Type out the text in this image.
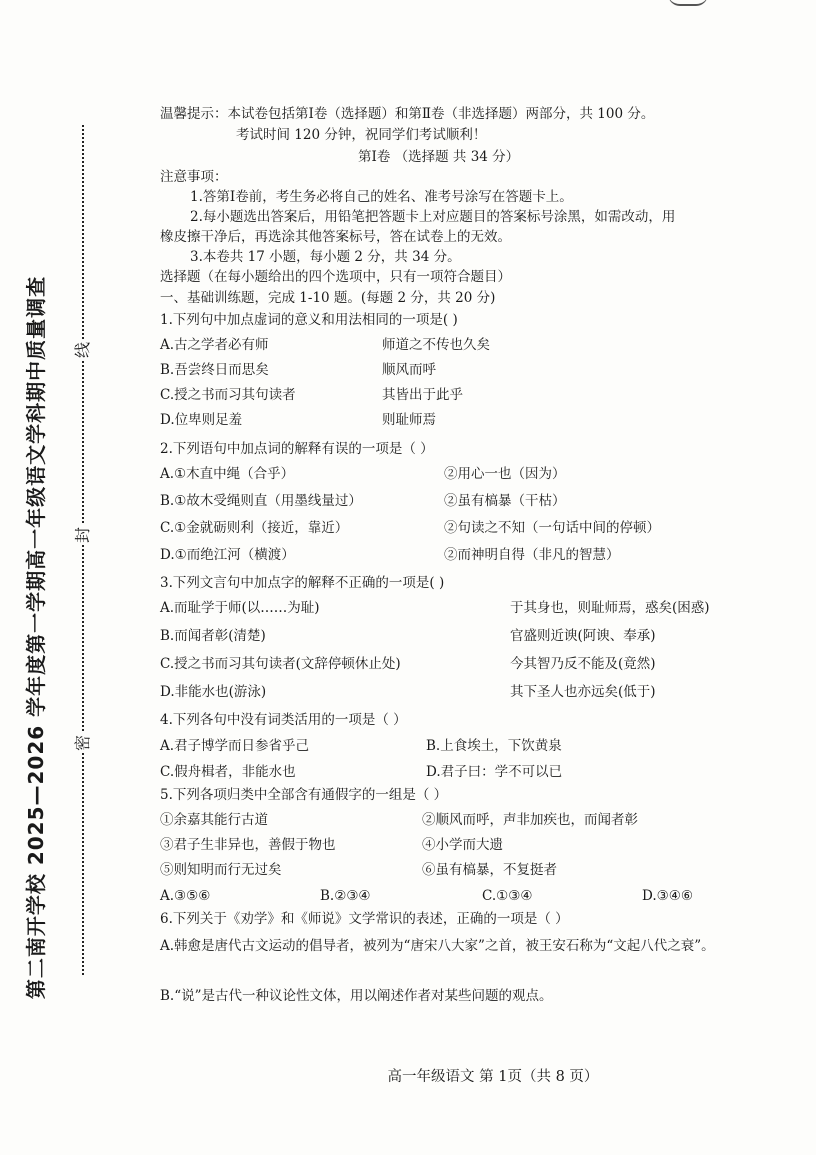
第二南开学校 2025—2026 学年度第一学期高一年级语文学科期中质量调查 线
封
密
温馨提示：本试卷包括第Ⅰ卷（选择题）和第Ⅱ卷（非选择题）两部分，共 100 分。
考试时间 120 分钟，祝同学们考试顺利！
第Ⅰ卷 （选择题 共 34 分）
注意事项：
1.答第Ⅰ卷前，考生务必将自己的姓名、准考号涂写在答题卡上。
2.每小题选出答案后，用铅笔把答题卡上对应题目的答案标号涂黑，如需改动，用
橡皮擦干净后，再选涂其他答案标号，答在试卷上的无效。
3.本卷共 17 小题，每小题 2 分，共 34 分。
选择题（在每小题给出的四个选项中，只有一项符合题目）
一、基础训练题，完成 1-10 题。(每题 2 分，共 20 分)
1.下列句中加点虚词的意义和用法相同的一项是( )
A.古之学者必有师	师道之不传也久矣
B.吾尝终日而思矣	顺风而呼
C.授之书而习其句读者	其皆出于此乎
D.位卑则足羞	则耻师焉
2.下列语句中加点词的解释有误的一项是（ ）
A.①木直中绳（合乎）	②用心一也（因为）
B.①故木受绳则直（用墨线量过）	②虽有槁暴（干枯）
C.①金就砺则利（接近，靠近）	②句读之不知（一句话中间的停顿）
D.①而绝江河（横渡）	②而神明自得（非凡的智慧）
3.下列文言句中加点字的解释不正确的一项是( )
A.而耻学于师(以……为耻)	于其身也，则耻师焉，惑矣(困惑)
B.而闻者彰(清楚)	官盛则近谀(阿谀、奉承)
C.授之书而习其句读者(文辞停顿休止处)	今其智乃反不能及(竟然)
D.非能水也(游泳)	其下圣人也亦远矣(低于)
4.下列各句中没有词类活用的一项是（ ）
A.君子博学而日参省乎己	B.上食埃土，下饮黄泉
C.假舟楫者，非能水也	D.君子曰：学不可以已
5.下列各项归类中全部含有通假字的一组是（ ）
①余嘉其能行古道	②顺风而呼，声非加疾也，而闻者彰
③君子生非异也，善假于物也	④小学而大遗
⑤则知明而行无过矣	⑥虽有槁暴，不复挺者
A.③⑤⑥	B.②③④	C.①③④	D.③④⑥
6.下列关于《劝学》和《师说》文学常识的表述，正确的一项是（ ）
A.韩愈是唐代古文运动的倡导者，被列为“唐宋八大家”之首，被王安石称为“文起八代之衰”。
B.“说”是古代一种议论性文体，用以阐述作者对某些问题的观点。
高一年级语文 第 1页（共 8 页）
